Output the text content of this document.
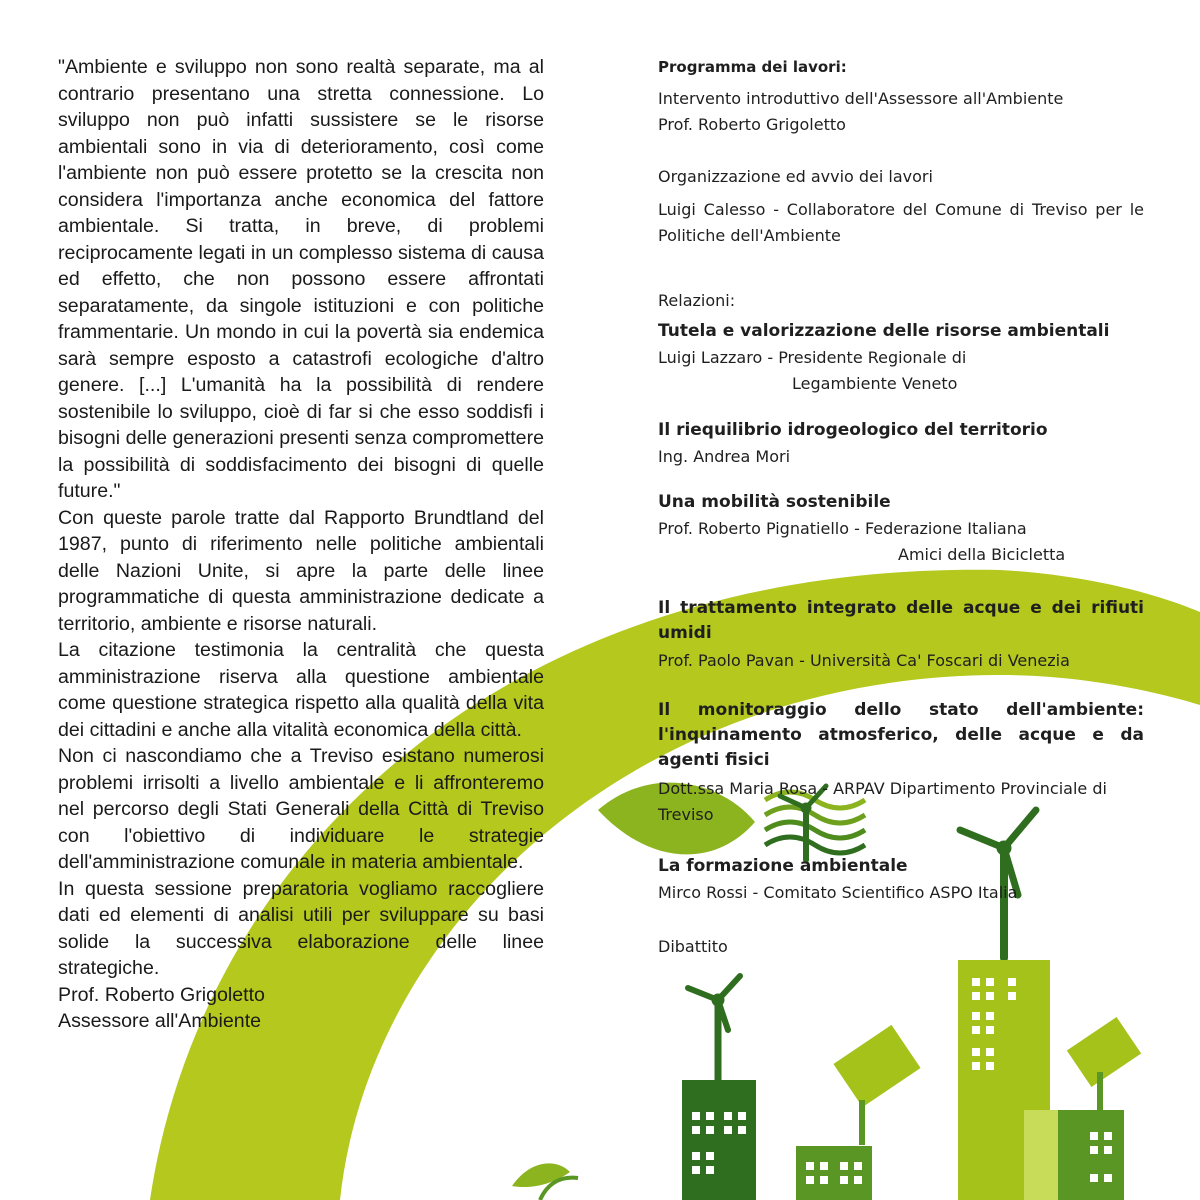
"Ambiente e sviluppo non sono realtà separate, ma al contrario presentano una stretta connessione. Lo sviluppo non può infatti sussistere se le risorse ambientali sono in via di deterioramento, così come l'ambiente non può essere protetto se la crescita non considera l'importanza anche economica del fattore ambientale. Si tratta, in breve, di problemi reciprocamente legati in un complesso sistema di causa ed effetto, che non possono essere affrontati separatamente, da singole istituzioni e con politiche frammentarie. Un mondo in cui la povertà sia endemica sarà sempre esposto a catastrofi ecologiche d'altro genere. [...] L'umanità ha la possibilità di rendere sostenibile lo sviluppo, cioè di far si che esso soddisfi i bisogni delle generazioni presenti senza compromettere la possibilità di soddisfacimento dei bisogni di quelle future."

Con queste parole tratte dal Rapporto Brundtland del 1987, punto di riferimento nelle politiche ambientali delle Nazioni Unite, si apre la parte delle linee programmatiche di questa amministrazione dedicate a territorio, ambiente e risorse naturali.

La citazione testimonia la centralità che questa amministrazione riserva alla questione ambientale come questione strategica rispetto alla qualità della vita dei cittadini e anche alla vitalità economica della città.

Non ci nascondiamo che a Treviso esistano numerosi problemi irrisolti a livello ambientale e li affronteremo nel percorso degli Stati Generali della Città di Treviso con l'obiettivo di individuare le strategie dell'amministrazione comunale in materia ambientale.

In questa sessione preparatoria vogliamo raccogliere dati ed elementi di analisi utili per sviluppare su basi solide la successiva elaborazione delle linee strategiche.

Prof. Roberto Grigoletto

Assessore all'Ambiente

Programma dei lavori:

Intervento introduttivo dell'Assessore all'Ambiente

Prof. Roberto Grigoletto

Organizzazione ed avvio dei lavori

Luigi Calesso - Collaboratore del Comune di Treviso per le Politiche dell'Ambiente

Relazioni:

Tutela e valorizzazione delle risorse ambientali

Luigi Lazzaro - Presidente Regionale di

Legambiente Veneto

Il riequilibrio idrogeologico del territorio

Ing. Andrea Mori

Una mobilità sostenibile

Prof. Roberto Pignatiello - Federazione Italiana

Amici della Bicicletta

Il trattamento integrato delle acque e dei rifiuti umidi

Prof. Paolo Pavan - Università Ca' Foscari di Venezia

Il monitoraggio dello stato dell'ambiente: l'inquinamento atmosferico, delle acque e da agenti fisici

Dott.ssa Maria Rosa - ARPAV Dipartimento Provinciale di Treviso

La formazione ambientale

Mirco Rossi - Comitato Scientifico ASPO Italia

Dibattito
